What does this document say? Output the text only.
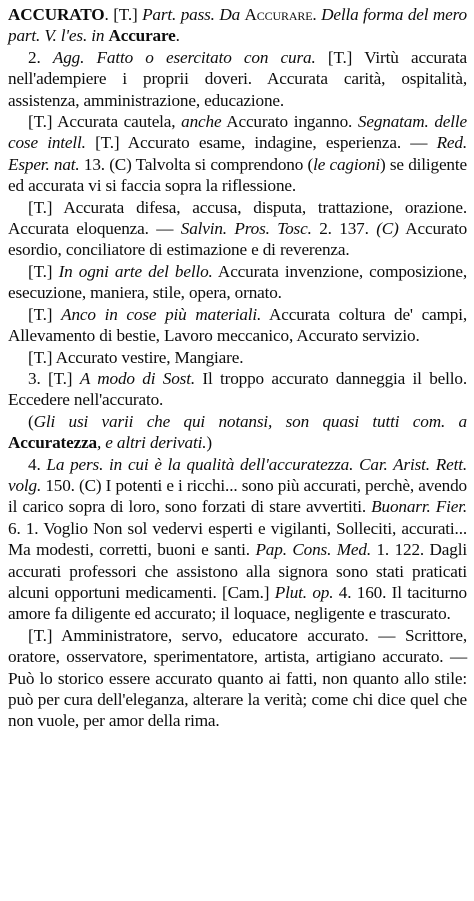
ACCURATO. [T.] Part. pass. Da Accurare. Della forma del mero part. V. l'es. in Accurare.

2. Agg. Fatto o esercitato con cura. [T.] Virtù accurata nell'adempiere i proprii doveri. Accurata carità, ospitalità, assistenza, amministrazione, educazione.

[T.] Accurata cautela, anche Accurato inganno. Segnatam. delle cose intell. [T.] Accurato esame, indagine, esperienza. — Red. Esper. nat. 13. (C) Talvolta si comprendono (le cagioni) se diligente ed accurata vi si faccia sopra la riflessione.

[T.] Accurata difesa, accusa, disputa, trattazione, orazione. Accurata eloquenza. — Salvin. Pros. Tosc. 2. 137. (C) Accurato esordio, conciliatore di estimazione e di reverenza.

[T.] In ogni arte del bello. Accurata invenzione, composizione, esecuzione, maniera, stile, opera, ornato.

[T.] Anco in cose più materiali. Accurata coltura de' campi, Allevamento di bestie, Lavoro meccanico, Accurato servizio.

[T.] Accurato vestire, Mangiare.

3. [T.] A modo di Sost. Il troppo accurato danneggia il bello. Eccedere nell'accurato.

(Gli usi varii che qui notansi, son quasi tutti com. a Accuratezza, e altri derivati.)

4. La pers. in cui è la qualità dell'accuratezza. Car. Arist. Rett. volg. 150. (C) I potenti e i ricchi... sono più accurati, perchè, avendo il carico sopra di loro, sono forzati di stare avvertiti. Buonarr. Fier. 6. 1. Voglio Non sol vedervi esperti e vigilanti, Solleciti, accurati... Ma modesti, corretti, buoni e santi. Pap. Cons. Med. 1. 122. Dagli accurati professori che assistono alla signora sono stati praticati alcuni opportuni medicamenti. [Cam.] Plut. op. 4. 160. Il taciturno amore fa diligente ed accurato; il loquace, negligente e trascurato.

[T.] Amministratore, servo, educatore accurato. — Scrittore, oratore, osservatore, sperimentatore, artista, artigiano accurato. — Può lo storico essere accurato quanto ai fatti, non quanto allo stile: può per cura dell'eleganza, alterare la verità; come chi dice quel che non vuole, per amor della rima.
